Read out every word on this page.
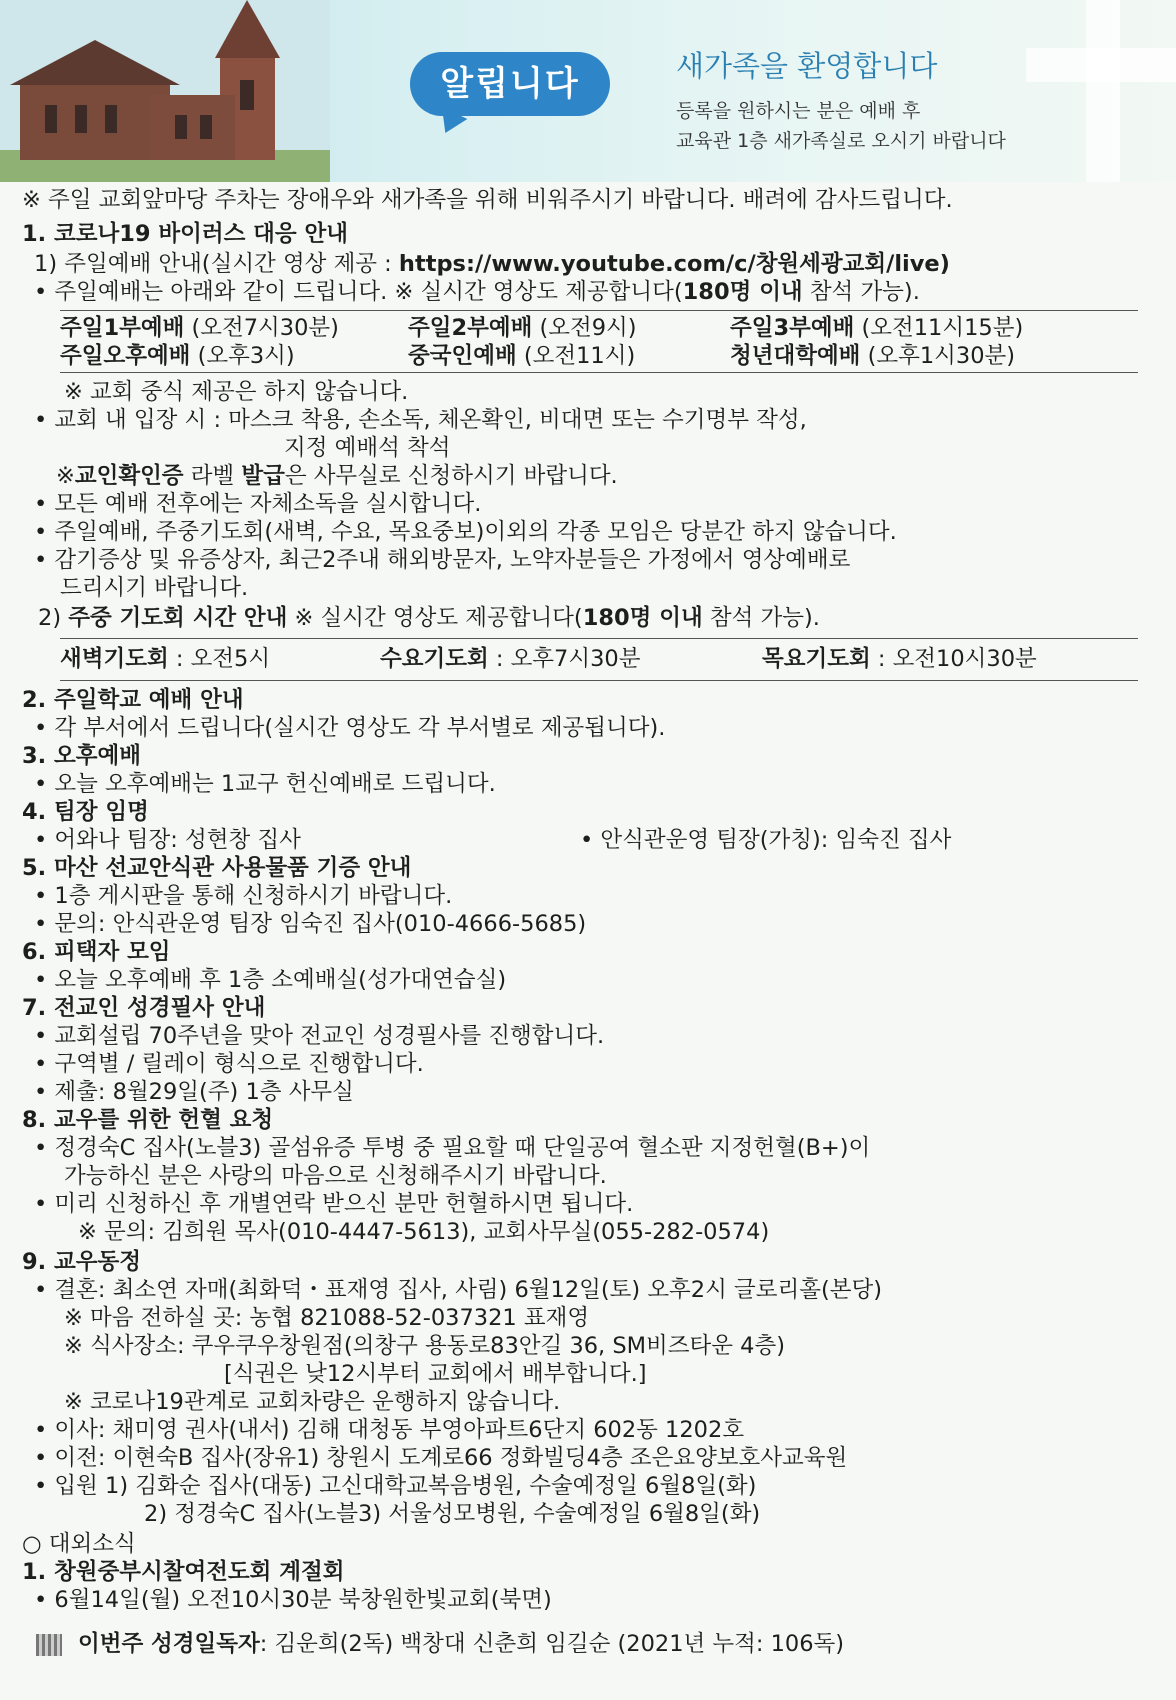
알립니다	새가족을 환영합니다
등록을 원하시는 분은 예배 후
교육관 1층 새가족실로 오시기 바랍니다
※ 주일 교회앞마당 주차는 장애우와 새가족을 위해 비워주시기 바랍니다. 배려에 감사드립니다.
1. 코로나19 바이러스 대응 안내
1) 주일예배 안내(실시간 영상 제공 : https://www.youtube.com/c/창원세광교회/live)
• 주일예배는 아래와 같이 드립니다. ※ 실시간 영상도 제공합니다(180명 이내 참석 가능).
주일1부예배 (오전7시30분)	주일2부예배 (오전9시)	주일3부예배 (오전11시15분)
주일오후예배 (오후3시)	중국인예배 (오전11시)	청년대학예배 (오후1시30분)
※ 교회 중식 제공은 하지 않습니다.
• 교회 내 입장 시 : 마스크 착용, 손소독, 체온확인, 비대면 또는 수기명부 작성,
지정 예배석 착석
※교인확인증 라벨 발급은 사무실로 신청하시기 바랍니다.
• 모든 예배 전후에는 자체소독을 실시합니다.
• 주일예배, 주중기도회(새벽, 수요, 목요중보)이외의 각종 모임은 당분간 하지 않습니다.
• 감기증상 및 유증상자, 최근2주내 해외방문자, 노약자분들은 가정에서 영상예배로
드리시기 바랍니다.
2) 주중 기도회 시간 안내 ※ 실시간 영상도 제공합니다(180명 이내 참석 가능).
새벽기도회 : 오전5시	수요기도회 : 오후7시30분	목요기도회 : 오전10시30분
2. 주일학교 예배 안내
• 각 부서에서 드립니다(실시간 영상도 각 부서별로 제공됩니다).
3. 오후예배
• 오늘 오후예배는 1교구 헌신예배로 드립니다.
4. 팀장 임명
• 어와나 팀장: 성현창 집사	• 안식관운영 팀장(가칭): 임숙진 집사
5. 마산 선교안식관 사용물품 기증 안내
• 1층 게시판을 통해 신청하시기 바랍니다.
• 문의: 안식관운영 팀장 임숙진 집사(010-4666-5685)
6. 피택자 모임
• 오늘 오후예배 후 1층 소예배실(성가대연습실)
7. 전교인 성경필사 안내
• 교회설립 70주년을 맞아 전교인 성경필사를 진행합니다.
• 구역별 / 릴레이 형식으로 진행합니다.
• 제출: 8월29일(주) 1층 사무실
8. 교우를 위한 헌혈 요청
• 정경숙C 집사(노블3) 골섬유증 투병 중 필요할 때 단일공여 혈소판 지정헌혈(B+)이
가능하신 분은 사랑의 마음으로 신청해주시기 바랍니다.
• 미리 신청하신 후 개별연락 받으신 분만 헌혈하시면 됩니다.
※ 문의: 김희원 목사(010-4447-5613), 교회사무실(055-282-0574)
9. 교우동정
• 결혼: 최소연 자매(최화덕・표재영 집사, 사림) 6월12일(토) 오후2시 글로리홀(본당)
※ 마음 전하실 곳: 농협 821088-52-037321 표재영
※ 식사장소: 쿠우쿠우창원점(의창구 용동로83안길 36, SM비즈타운 4층)
[식권은 낮12시부터 교회에서 배부합니다.]
※ 코로나19관계로 교회차량은 운행하지 않습니다.
• 이사: 채미영 권사(내서) 김해 대청동 부영아파트6단지 602동 1202호
• 이전: 이현숙B 집사(장유1) 창원시 도계로66 정화빌딩4층 조은요양보호사교육원
• 입원 1) 김화순 집사(대동) 고신대학교복음병원, 수술예정일 6월8일(화)
2) 정경숙C 집사(노블3) 서울성모병원, 수술예정일 6월8일(화)
○ 대외소식
1. 창원중부시찰여전도회 계절회
• 6월14일(월) 오전10시30분 북창원한빛교회(북면)
이번주 성경일독자: 김운희(2독) 백창대 신춘희 임길순 (2021년 누적: 106독)
